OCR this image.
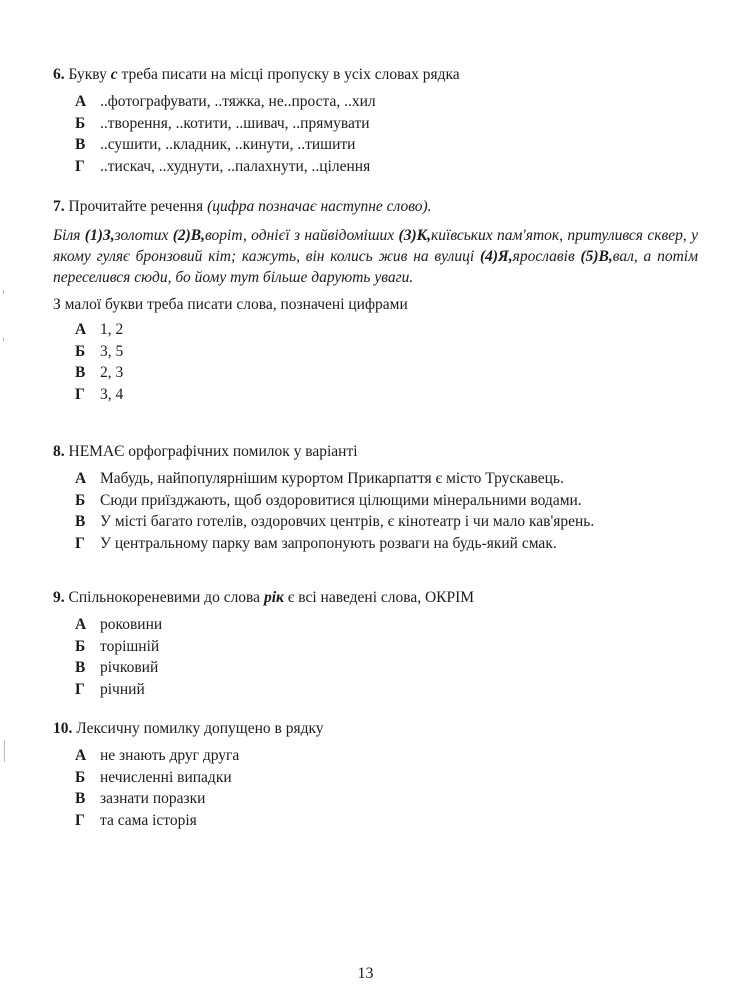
6. Букву с треба писати на місці пропуску в усіх словах рядка
А ..фотографувати, ..тяжка, не..проста, ..хил
Б ..творення, ..котити, ..шивач, ..прямувати
В ..сушити, ..кладник, ..кинути, ..тишити
Г ..тискач, ..худнути, ..палахнути, ..цілення
7. Прочитайте речення (цифра позначає наступне слово).
Біля (1)З,золотих (2)В,воріт, однієї з найвідоміших (3)К,київських пам'яток, притулився сквер, у якому гуляє бронзовий кіт; кажуть, він колись жив на вулиці (4)Я,ярославів (5)В,вал, а потім переселився сюди, бо йому тут більше дарують уваги.
З малої букви треба писати слова, позначені цифрами
А 1, 2
Б 3, 5
В 2, 3
Г 3, 4
8. НЕМАЄ орфографічних помилок у варіанті
А Мабудь, найпопулярнішим курортом Прикарпаття є місто Трускавець.
Б Сюди приїзджають, щоб оздоровитися цілющими мінеральними водами.
В У місті багато готелів, оздоровчих центрів, є кінотеатр і чи мало кав'ярень.
Г У центральному парку вам запропонують розваги на будь-який смак.
9. Спільнокореневими до слова рік є всі наведені слова, ОКРІМ
А роковини
Б торішній
В річковий
Г річний
10. Лексичну помилку допущено в рядку
А не знають друг друга
Б нечисленні випадки
В зазнати поразки
Г та сама історія
13
